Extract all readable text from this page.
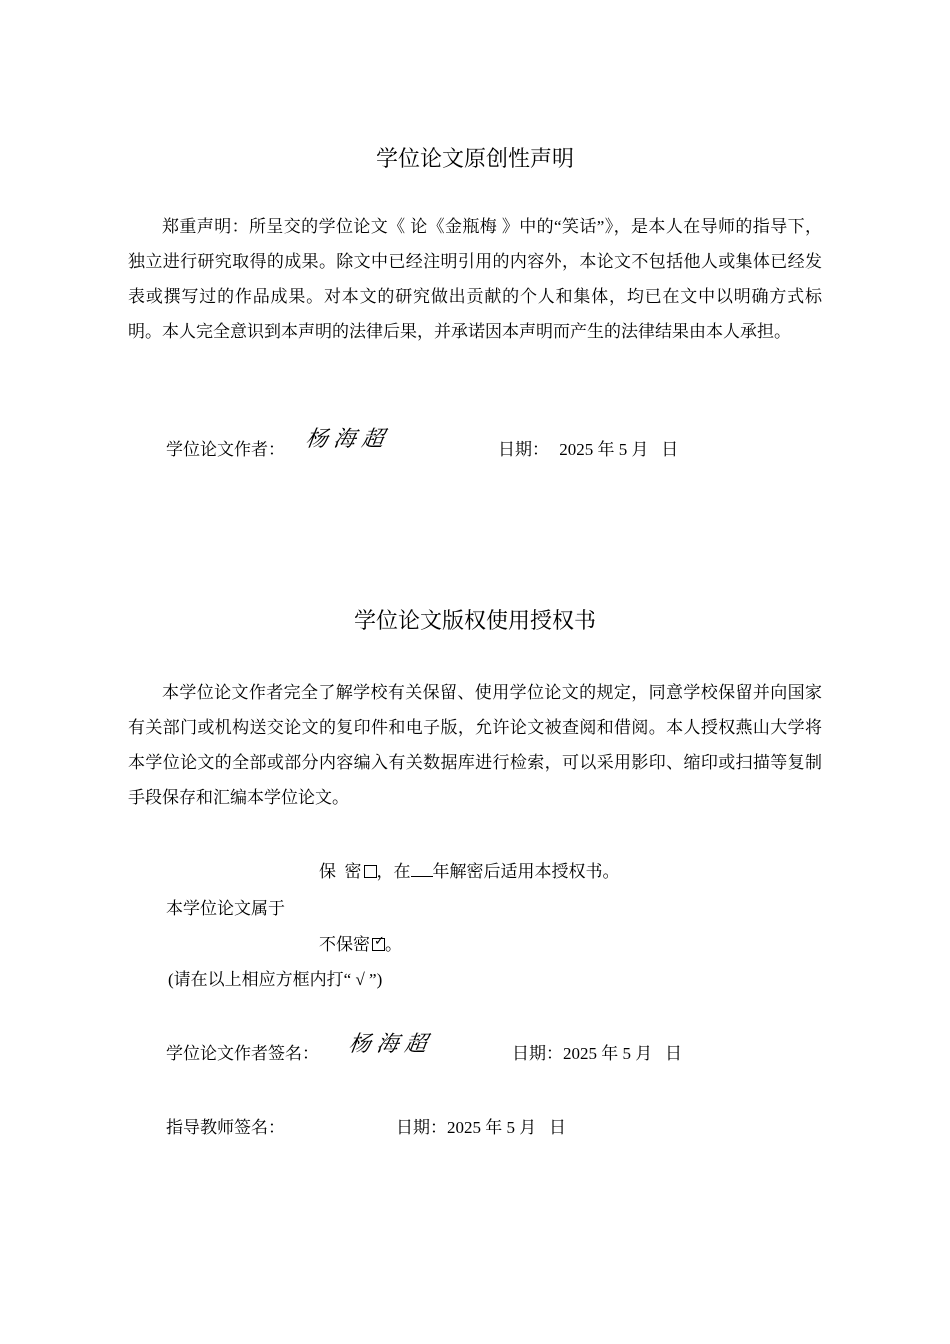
学位论文原创性声明

郑重声明：所呈交的学位论文《 论《金瓶梅 》中的“笑话”》，是本人在导师的指导下，独立进行研究取得的成果。除文中已经注明引用的内容外，本论文不包括他人或集体已经发表或撰写过的作品成果。对本文的研究做出贡献的个人和集体，均已在文中以明确方式标明。本人完全意识到本声明的法律后果，并承诺因本声明而产生的法律结果由本人承担。

学位论文作者： 杨海超	日期： 2025 年 5 月   日
学位论文版权使用授权书

本学位论文作者完全了解学校有关保留、使用学位论文的规定，同意学校保留并向国家有关部门或机构送交论文的复印件和电子版，允许论文被查阅和借阅。本人授权燕山大学将本学位论文的全部或部分内容编入有关数据库进行检索，可以采用影印、缩印或扫描等复制手段保存和汇编本学位论文。

保  密 ，在 年解密后适用本授权书。
本学位论文属于
不保密 ✓ 。
(请在以上相应方框内打“ √ ”)
学位论文作者签名： 杨海超	日期：2025 年 5 月   日
指导教师签名：	日期：2025 年 5 月   日
